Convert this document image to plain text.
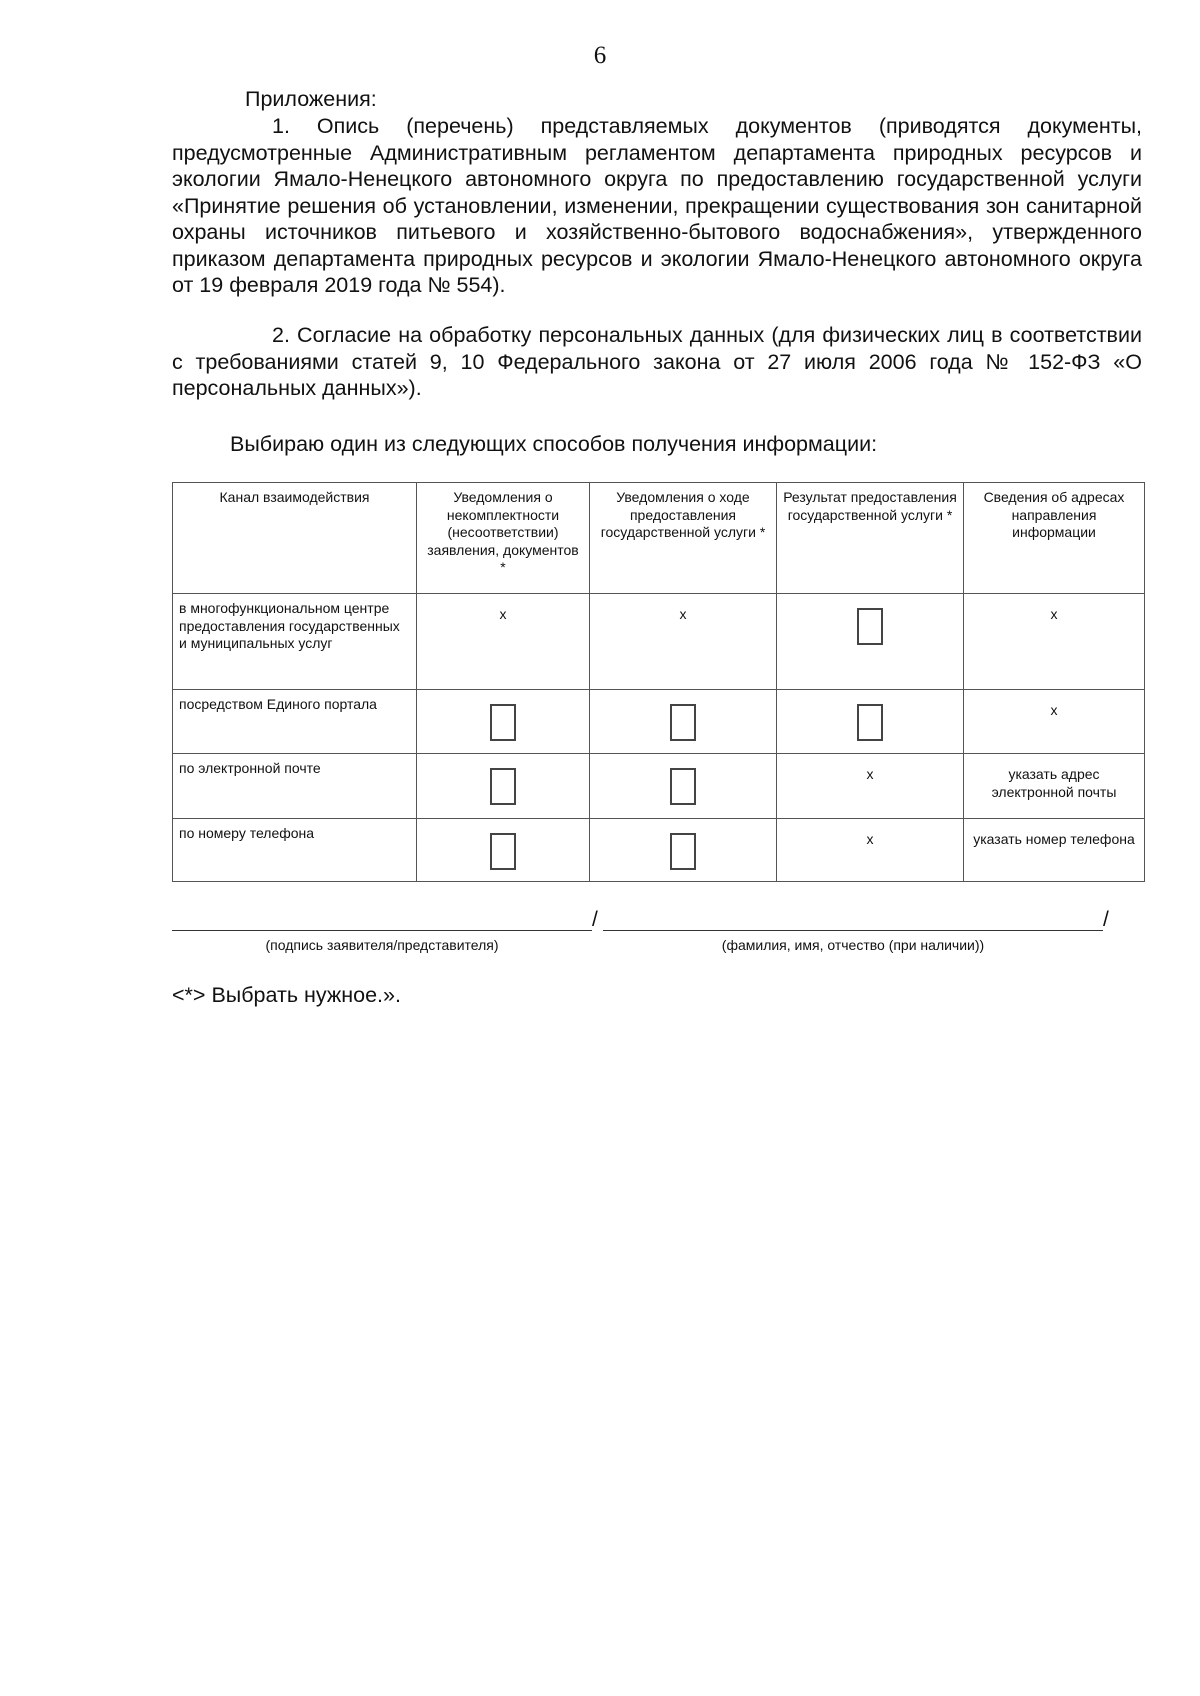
6
Приложения:

1. Опись (перечень) представляемых документов (приводятся документы, предусмотренные Административным регламентом департамента природных ресурсов и экологии Ямало-Ненецкого автономного округа по предоставлению государственной услуги «Принятие решения об установлении, изменении, прекращении существования зон санитарной охраны источников питьевого и хозяйственно-бытового водоснабжения», утвержденного приказом департамента природных ресурсов и экологии Ямало-Ненецкого автономного округа от 19 февраля 2019 года № 554).

2. Согласие на обработку персональных данных (для физических лиц в соответствии с требованиями статей 9, 10 Федерального закона от 27 июля 2006 года № 152-ФЗ «О персональных данных»).

Выбираю один из следующих способов получения информации:
Канал взаимодействия	Уведомления о некомплектности (несоответствии) заявления, документов *	Уведомления о ходе предоставления государственной услуги *	Результат предоставления государственной услуги *	Сведения об адресах направления информации
в многофункциональном центре предоставления государственных и муниципальных услуг	х	х		х
посредством Единого портала				х
по электронной почте			х	указать адрес электронной почты
по номеру телефона			х	указать номер телефона
/	/
(подпись заявителя/представителя)	(фамилия, имя, отчество (при наличии))
<*> Выбрать нужное.».
